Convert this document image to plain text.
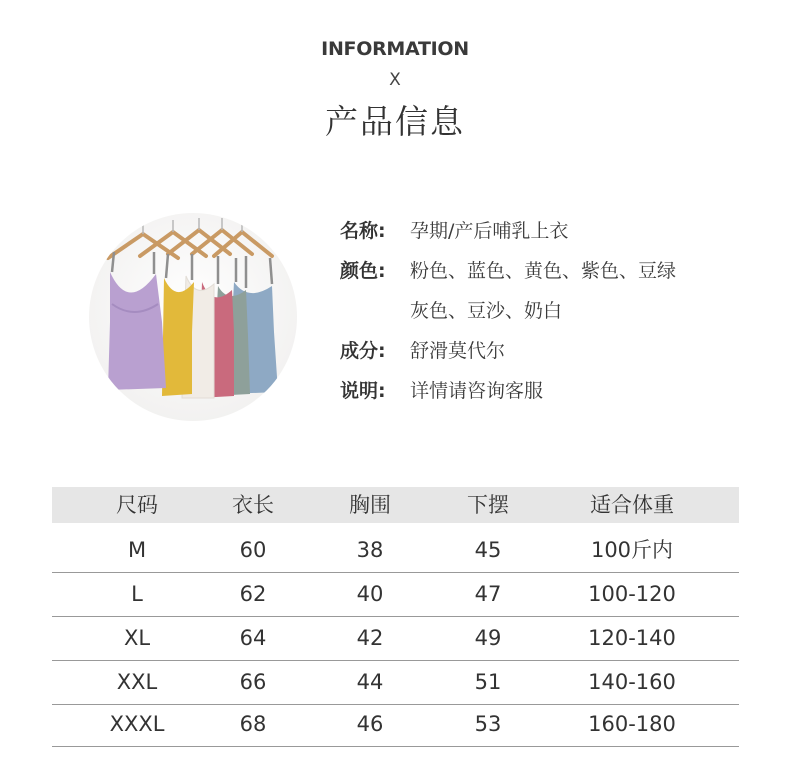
INFORMATION
X
产品信息
名称: 孕期/产后哺乳上衣
颜色: 粉色、蓝色、黄色、紫色、豆绿
灰色、豆沙、奶白
成分: 舒滑莫代尔
说明: 详情请咨询客服
尺码	衣长	胸围	下摆	适合体重
M	60	38	45	100斤内
L	62	40	47	100-120
XL	64	42	49	120-140
XXL	66	44	51	140-160
XXXL	68	46	53	160-180
